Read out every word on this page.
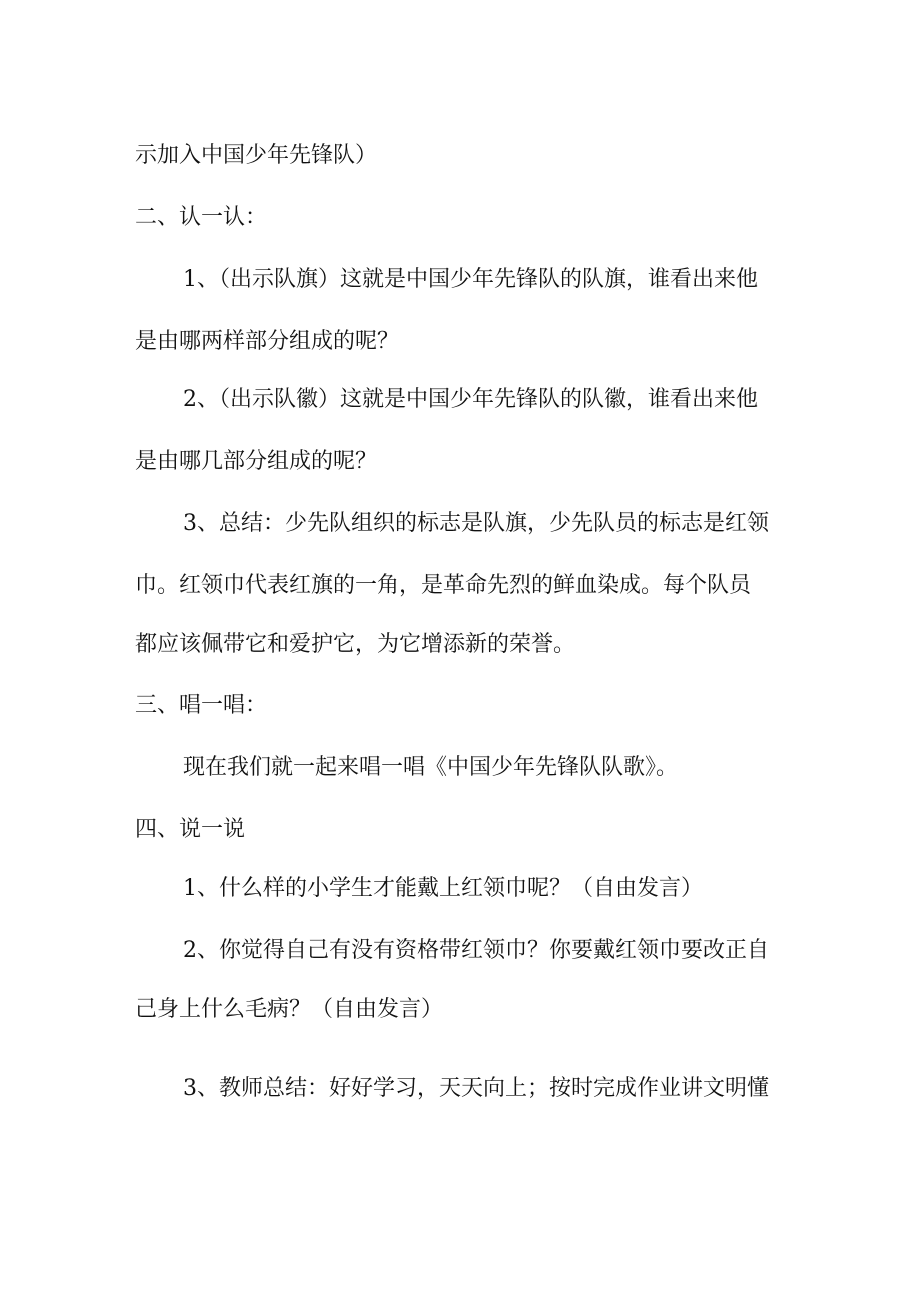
示加入中国少年先锋队）
二、认一认：
1、（出示队旗）这就是中国少年先锋队的队旗，谁看出来他
是由哪两样部分组成的呢？
2、（出示队徽）这就是中国少年先锋队的队徽，谁看出来他
是由哪几部分组成的呢？
3、总结：少先队组织的标志是队旗，少先队员的标志是红领
巾。红领巾代表红旗的一角，是革命先烈的鲜血染成。每个队员
都应该佩带它和爱护它，为它增添新的荣誉。
三、唱一唱：
现在我们就一起来唱一唱《中国少年先锋队队歌》。
四、说一说
1、什么样的小学生才能戴上红领巾呢？（自由发言）
2、你觉得自己有没有资格带红领巾？你要戴红领巾要改正自
己身上什么毛病？（自由发言）
3、教师总结：好好学习，天天向上；按时完成作业讲文明懂
